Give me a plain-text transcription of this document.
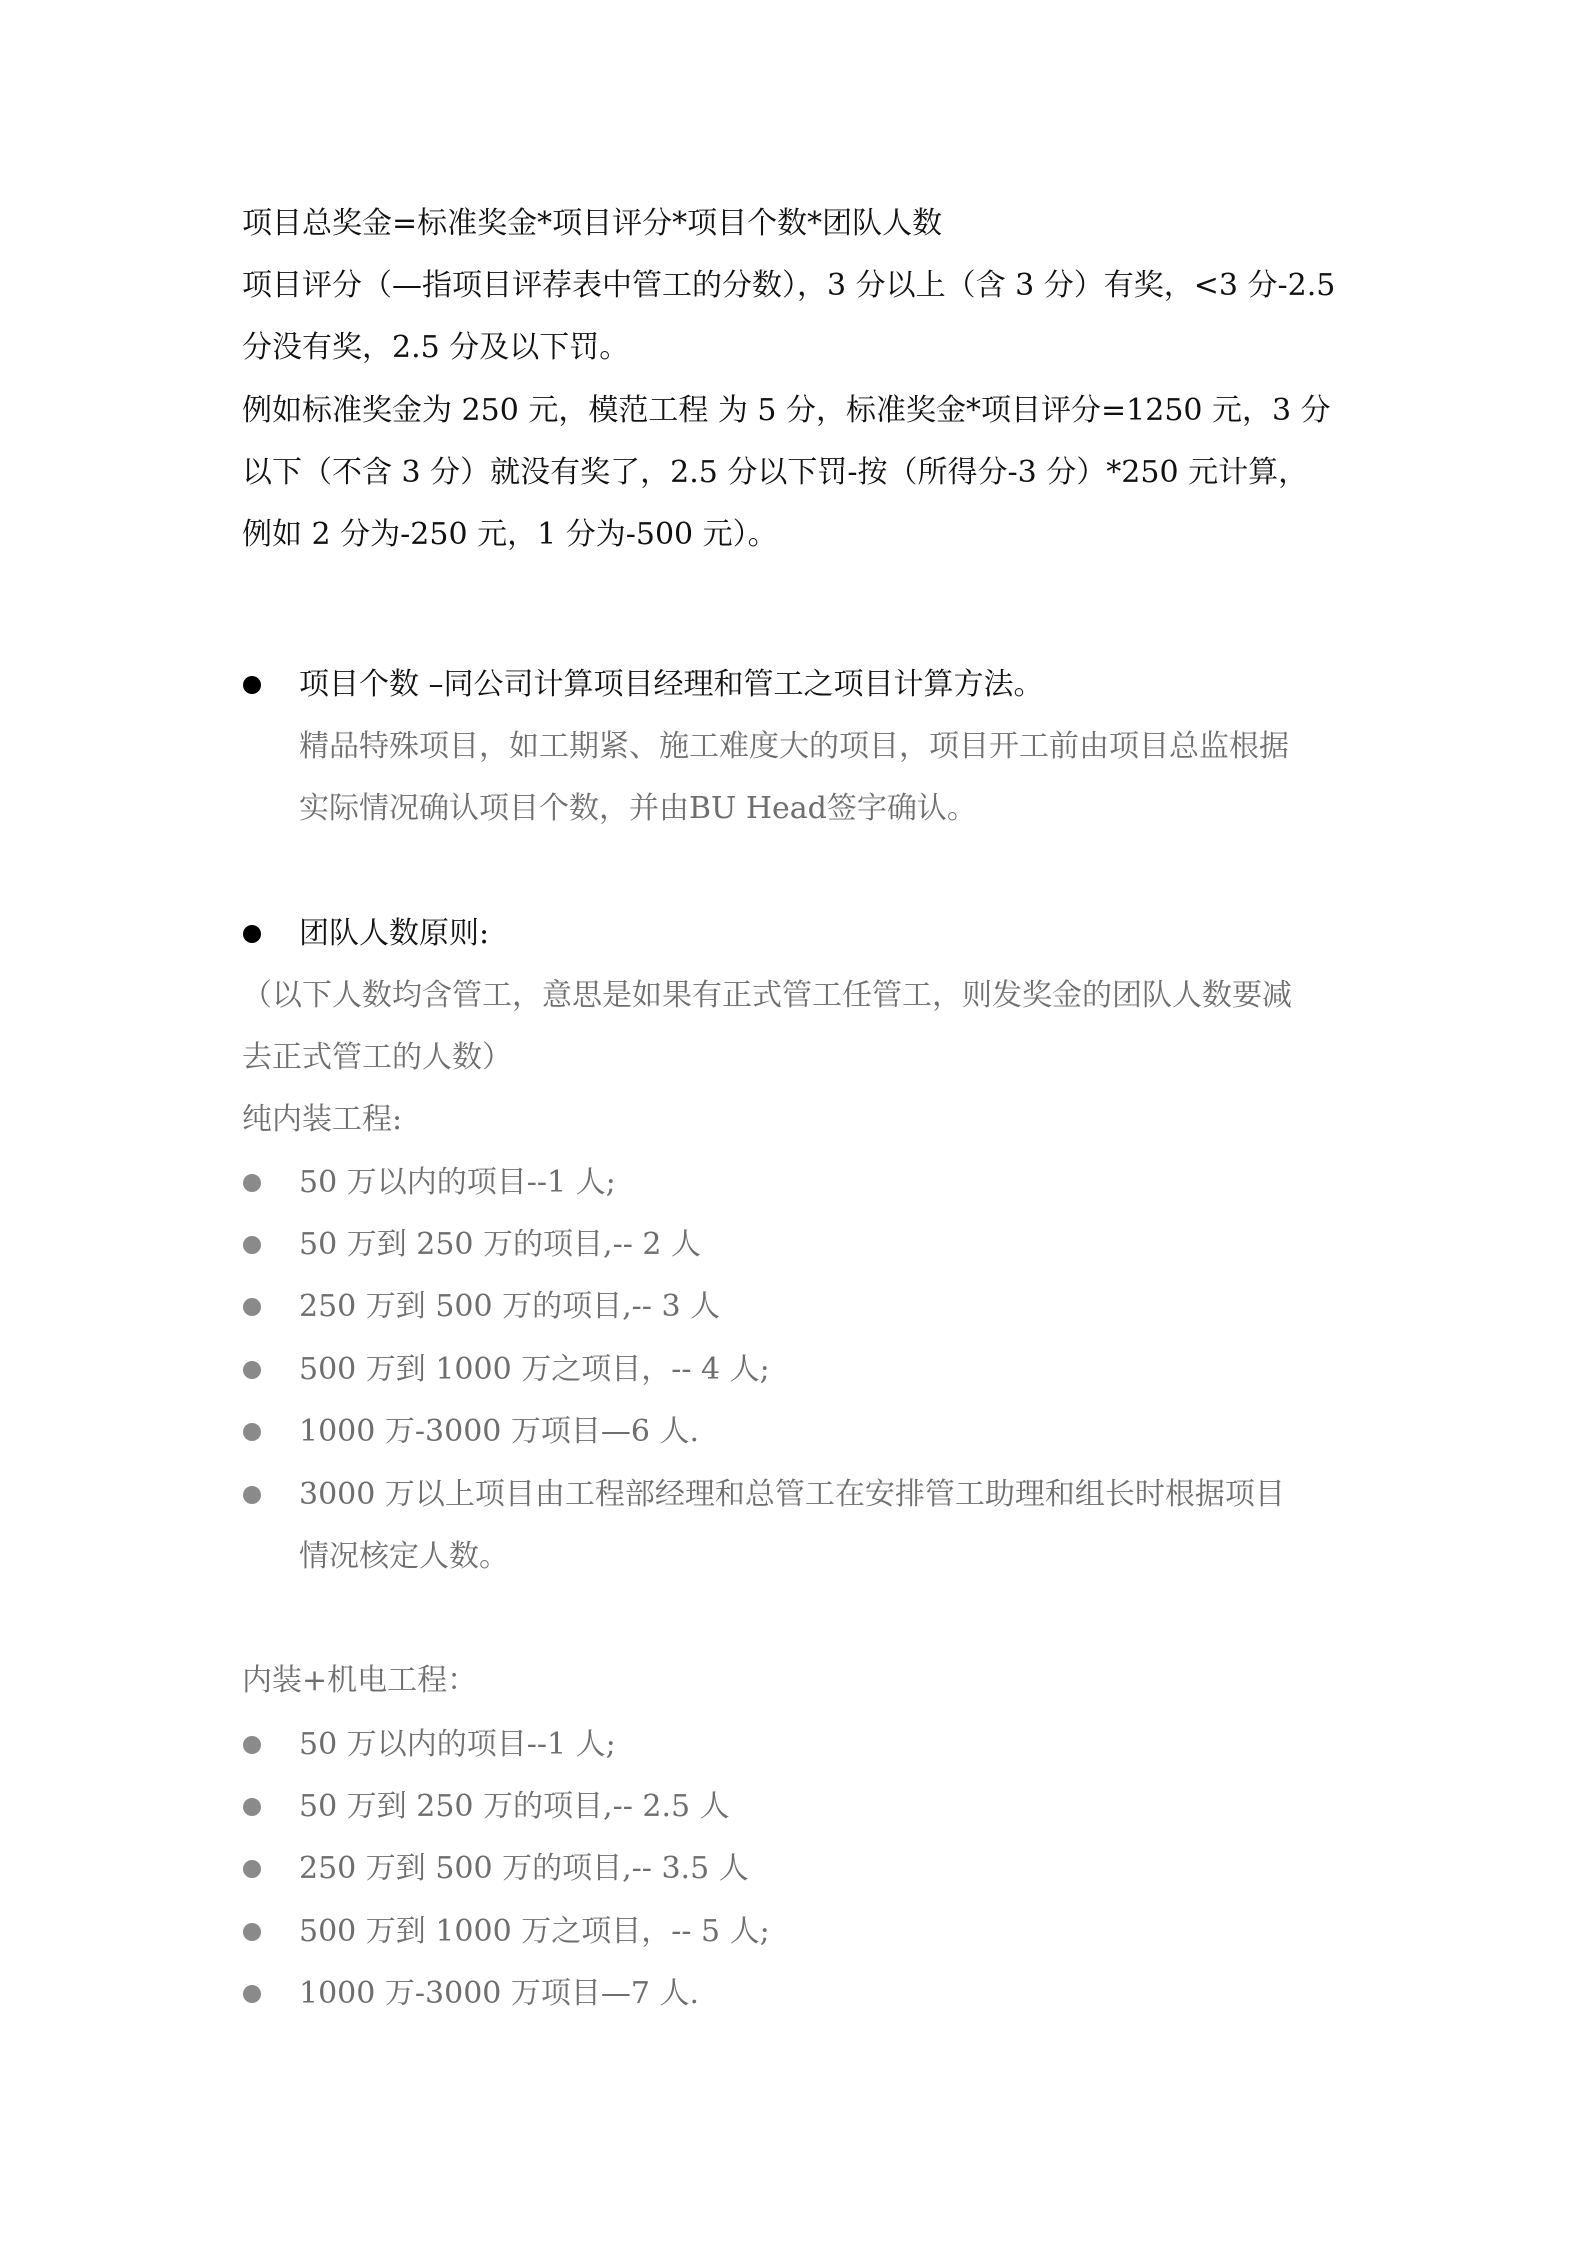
项目总奖金=标准奖金*项目评分*项目个数*团队人数
项目评分（—指项目评荐表中管工的分数），3 分以上（含 3 分）有奖，<3 分-2.5
分没有奖，2.5 分及以下罚。
例如标准奖金为 250 元，模范工程 为 5 分，标准奖金*项目评分=1250 元，3 分
以下（不含 3 分）就没有奖了，2.5 分以下罚-按（所得分-3 分）*250 元计算，
例如 2 分为-250 元，1 分为-500 元）。
项目个数 –同公司计算项目经理和管工之项目计算方法。
精品特殊项目，如工期紧、施工难度大的项目，项目开工前由项目总监根据
实际情况确认项目个数，并由BU Head签字确认。
团队人数原则:
（以下人数均含管工，意思是如果有正式管工任管工，则发奖金的团队人数要减
去正式管工的人数）
纯内装工程:
50 万以内的项目--1 人;
50 万到 250 万的项目,-- 2 人
250 万到 500 万的项目,-- 3 人
500 万到 1000 万之项目，-- 4 人;
1000 万-3000 万项目—6 人.
3000 万以上项目由工程部经理和总管工在安排管工助理和组长时根据项目
情况核定人数。
内装+机电工程：
50 万以内的项目--1 人;
50 万到 250 万的项目,-- 2.5 人
250 万到 500 万的项目,-- 3.5 人
500 万到 1000 万之项目，-- 5 人;
1000 万-3000 万项目—7 人.
